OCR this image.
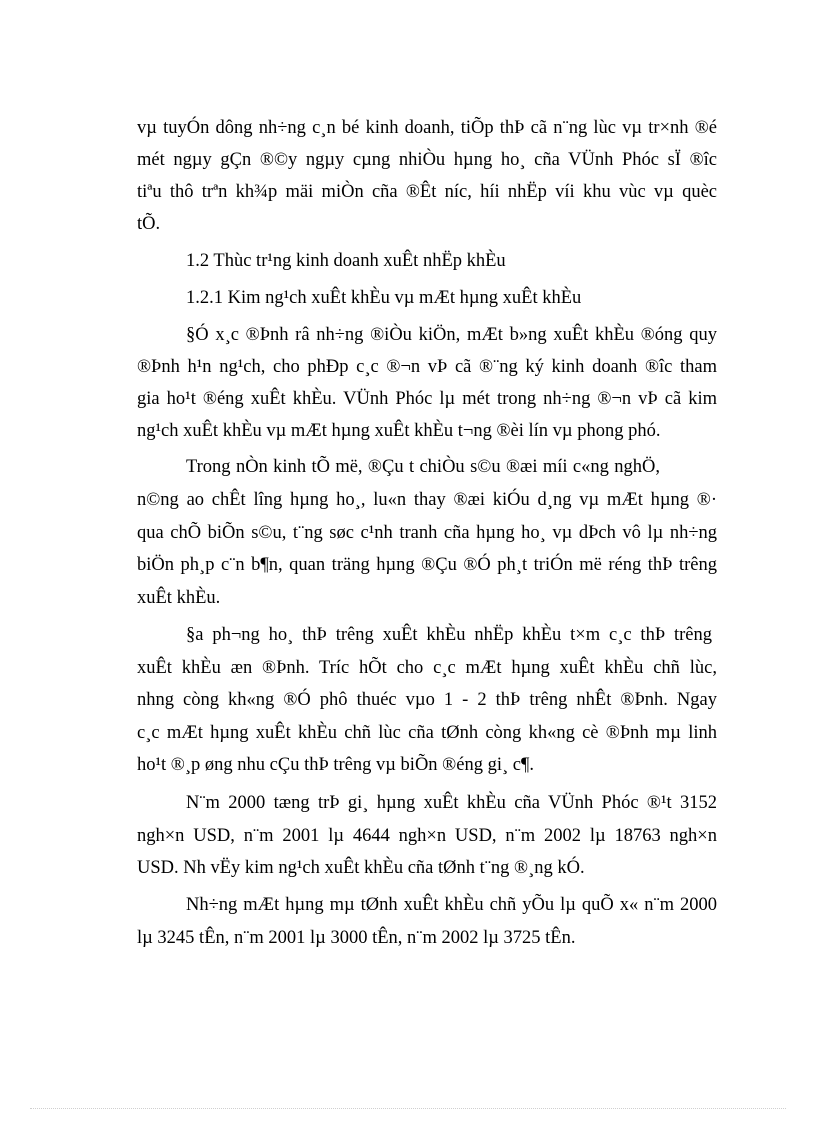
vµ tuyÓn dông nh÷ng c¸n bé kinh doanh, tiÕp thÞ cã n¨ng lùc vµ tr×nh ®é
mét ngµy gÇn ®©y ngµy cµng nhiÒu hµng ho¸ cña VÜnh Phóc sÏ ®îc
tiªu thô trªn kh¾p mäi miÒn cña ®Êt níc, híi nhËp víi khu vùc vµ quèc
tÕ.
1.2 Thùc tr¹ng kinh doanh xuÊt nhËp khÈu
1.2.1 Kim ng¹ch xuÊt khÈu vµ mÆt hµng xuÊt khÈu
§Ó x¸c ®Þnh râ nh÷ng ®iÒu kiÖn, mÆt b»ng xuÊt khÈu ®óng quy
®Þnh h¹n ng¹ch, cho phÐp c¸c ®¬n vÞ cã ®¨ng ký kinh doanh ®îc tham
gia ho¹t ®éng xuÊt khÈu. VÜnh Phóc lµ mét trong nh÷ng ®¬n vÞ cã kim
ng¹ch xuÊt khÈu vµ mÆt hµng xuÊt khÈu t¬ng ®èi lín vµ phong phó.
Trong nÒn kinh tÕ më, ®Çu t chiÒu s©u ®æi míi c«ng nghÖ,
n©ng ao chÊt lîng hµng ho¸, lu«n thay ®æi kiÓu d¸ng vµ mÆt hµng ®·
qua chÕ biÕn s©u, t¨ng søc c¹nh tranh cña hµng ho¸ vµ dÞch vô lµ nh÷ng
biÖn ph¸p c¨n b¶n, quan träng hµng ®Çu ®Ó ph¸t triÓn më réng thÞ trêng
xuÊt khÈu.
§a ph¬ng ho¸ thÞ trêng xuÊt khÈu nhËp khÈu t×m c¸c thÞ trêng
xuÊt khÈu æn ®Þnh. Tríc hÕt cho c¸c mÆt hµng xuÊt khÈu chñ lùc,
nhng còng kh«ng ®Ó phô thuéc vµo 1 - 2 thÞ trêng nhÊt ®Þnh. Ngay
c¸c mÆt hµng xuÊt khÈu chñ lùc cña tØnh còng kh«ng cè ®Þnh mµ linh
ho¹t ®¸p øng nhu cÇu thÞ trêng vµ biÕn ®éng gi¸ c¶.
N¨m 2000 tæng trÞ gi¸ hµng xuÊt khÈu cña VÜnh Phóc ®¹t 3152
ngh×n USD, n¨m 2001 lµ 4644 ngh×n USD, n¨m 2002 lµ 18763 ngh×n
USD. Nh vËy kim ng¹ch xuÊt khÈu cña tØnh t¨ng ®¸ng kÓ.
Nh÷ng mÆt hµng mµ tØnh xuÊt khÈu chñ yÕu lµ quÕ x« n¨m 2000
lµ 3245 tÊn, n¨m 2001 lµ 3000 tÊn, n¨m 2002 lµ 3725 tÊn.
